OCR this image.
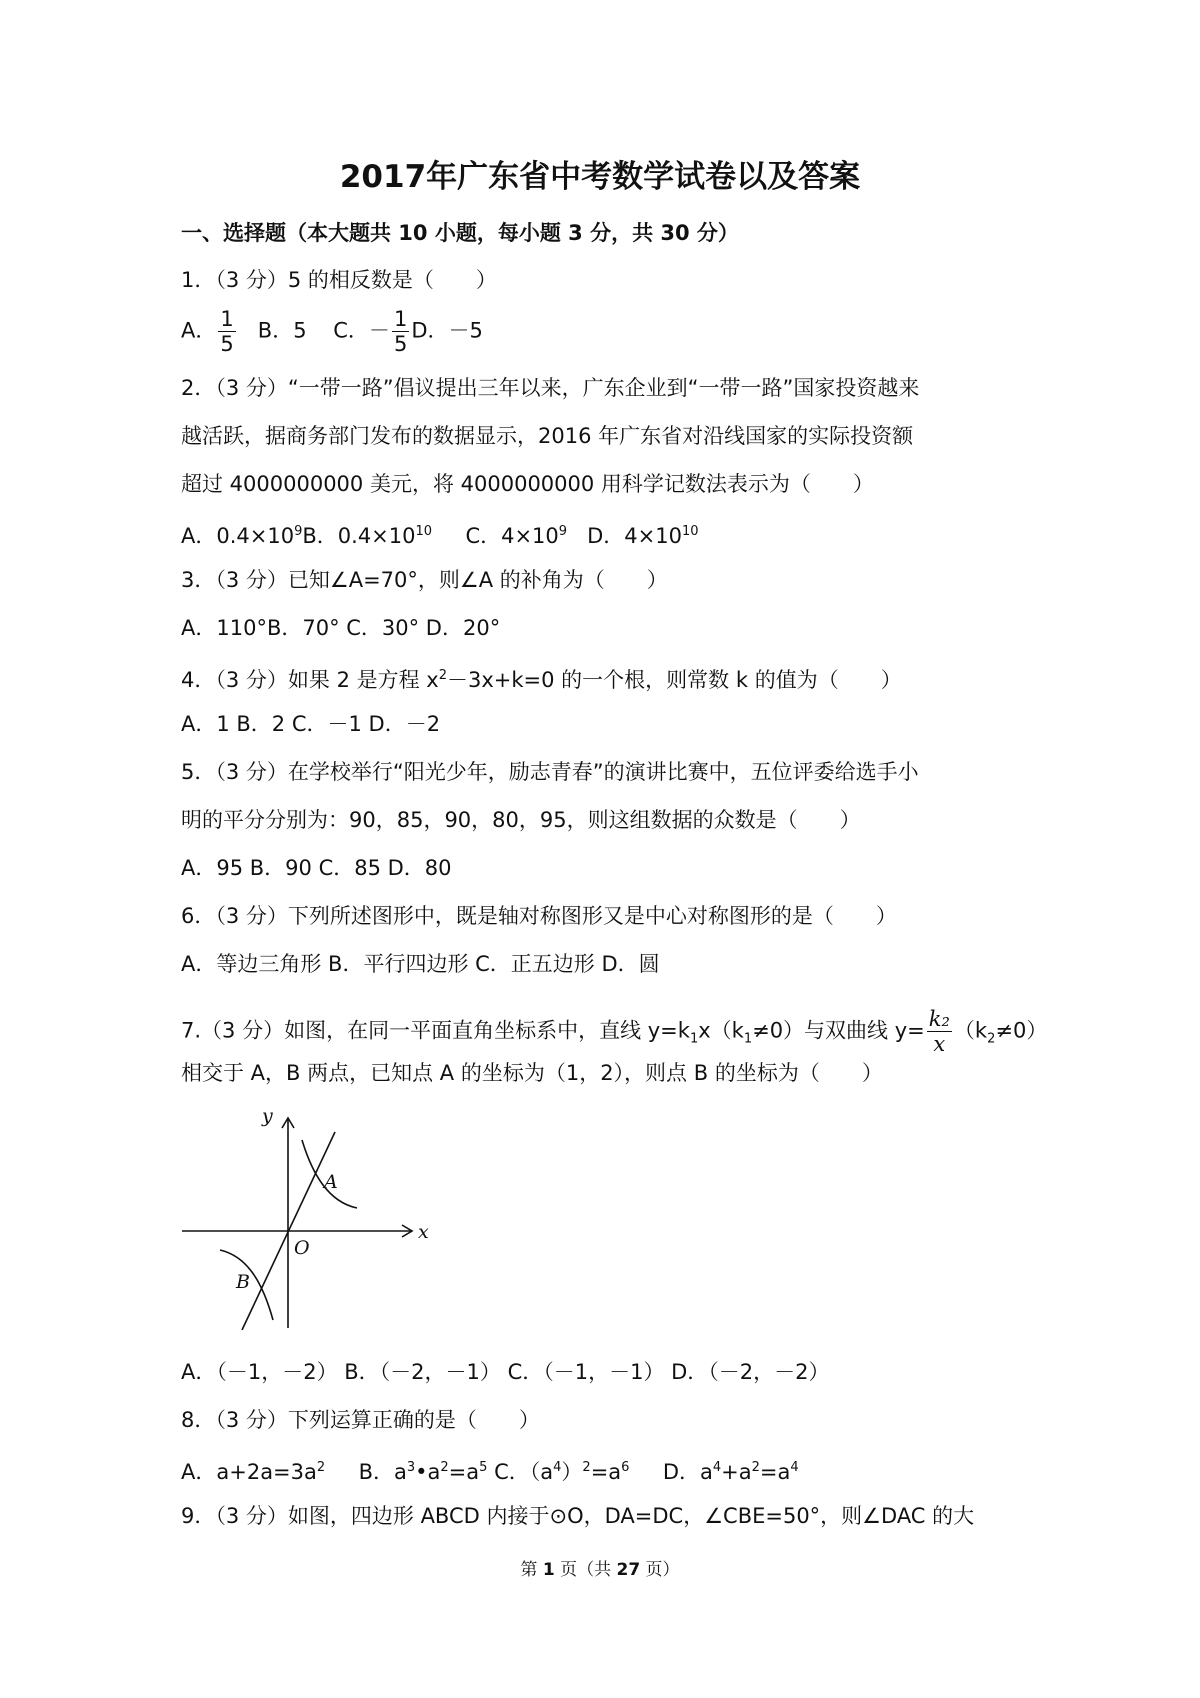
2017年广东省中考数学试卷以及答案
一、选择题（本大题共 10 小题，每小题 3 分，共 30 分）
1．（3 分）5 的相反数是（　　）
A． $\frac{1}{5}$ B．5 C．－ $\frac{1}{5}$ D．－5
2．（3 分）“一带一路”倡议提出三年以来，广东企业到“一带一路”国家投资越来
越活跃，据商务部门发布的数据显示，2016 年广东省对沿线国家的实际投资额
超过 4000000000 美元，将 4000000000 用科学记数法表示为（　　）
A．$0.4\times 10^9B$．$0.4\times 10^{10}$ C．$4\times 10^9$ D．$4\times 10^{10}$
3．（3 分）已知∠A=70°，则∠A 的补角为（　　）
A．110°B．70° C．30° D．20°
4．（3 分）如果 2 是方程 $x^2-3x+k=0$ 的一个根，则常数 k 的值为（　　）
A．1 B．2 C．－1 D．－2
5．（3 分）在学校举行“阳光少年，励志青春”的演讲比赛中，五位评委给选手小
明的平分分别为：90，85，90，80，95，则这组数据的众数是（　　）
A．95 B．90 C．85 D．80
6．（3 分）下列所述图形中，既是轴对称图形又是中心对称图形的是（　　）
A．等边三角形 B．平行四边形 C．正五边形 D．圆
7.（3 分）如图，在同一平面直角坐标系中，直线 $y=k_1x(k_1\ne 0)$与双曲线 $y= \frac{\text{k₂}}{x} (k_2\ne 0)$
相交于 A，B 两点，已知点 A 的坐标为（1，2），则点 B 的坐标为（　　）
y
x
O
A
B
A．（－1，－2） B．（－2，－1） C．（－1，－1） D．（－2，－2）
8．（3 分）下列运算正确的是（　　）
A．$a+2a=3a^2$ B．$a^3•a^2=a^5$ C．$(a^4)^2=a^6$ D．$a^4+a^2=a^4$
9．（3 分）如图，四边形 ABCD 内接于⊙O，DA=DC，∠CBE=50°，则∠DAC 的大
第 1 页（共 27 页）
